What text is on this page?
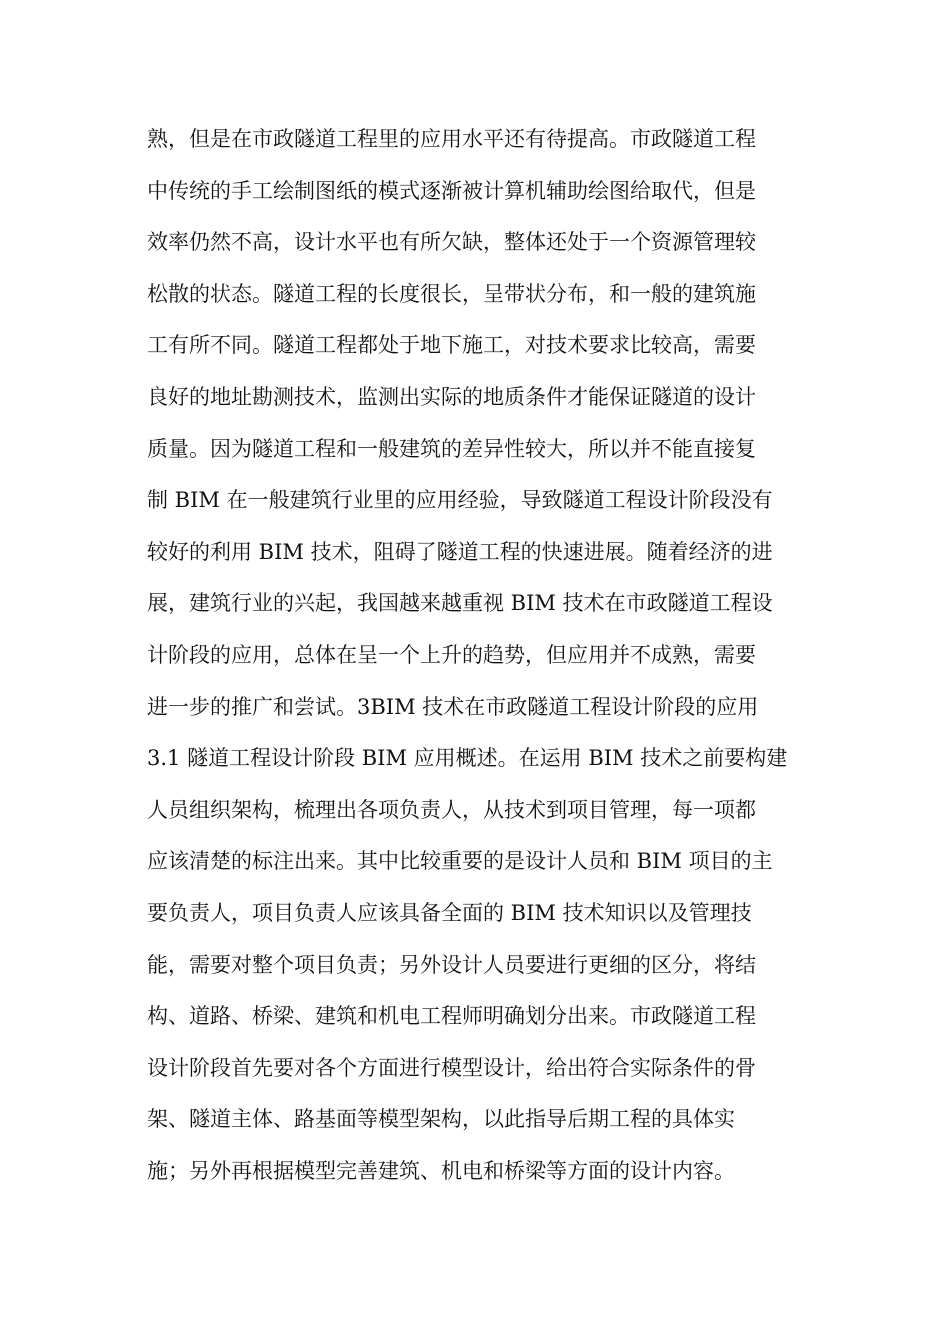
熟，但是在市政隧道工程里的应用水平还有待提高。市政隧道工程
中传统的手工绘制图纸的模式逐渐被计算机辅助绘图给取代，但是
效率仍然不高，设计水平也有所欠缺，整体还处于一个资源管理较
松散的状态。隧道工程的长度很长，呈带状分布，和一般的建筑施
工有所不同。隧道工程都处于地下施工，对技术要求比较高，需要
良好的地址勘测技术，监测出实际的地质条件才能保证隧道的设计
质量。因为隧道工程和一般建筑的差异性较大，所以并不能直接复
制 BIM 在一般建筑行业里的应用经验，导致隧道工程设计阶段没有
较好的利用 BIM 技术，阻碍了隧道工程的快速进展。随着经济的进
展，建筑行业的兴起，我国越来越重视 BIM 技术在市政隧道工程设
计阶段的应用，总体在呈一个上升的趋势，但应用并不成熟，需要
进一步的推广和尝试。3BIM 技术在市政隧道工程设计阶段的应用
3.1 隧道工程设计阶段 BIM 应用概述。在运用 BIM 技术之前要构建
人员组织架构，梳理出各项负责人，从技术到项目管理，每一项都
应该清楚的标注出来。其中比较重要的是设计人员和 BIM 项目的主
要负责人，项目负责人应该具备全面的 BIM 技术知识以及管理技
能，需要对整个项目负责；另外设计人员要进行更细的区分，将结
构、道路、桥梁、建筑和机电工程师明确划分出来。市政隧道工程
设计阶段首先要对各个方面进行模型设计，给出符合实际条件的骨
架、隧道主体、路基面等模型架构，以此指导后期工程的具体实
施；另外再根据模型完善建筑、机电和桥梁等方面的设计内容。
